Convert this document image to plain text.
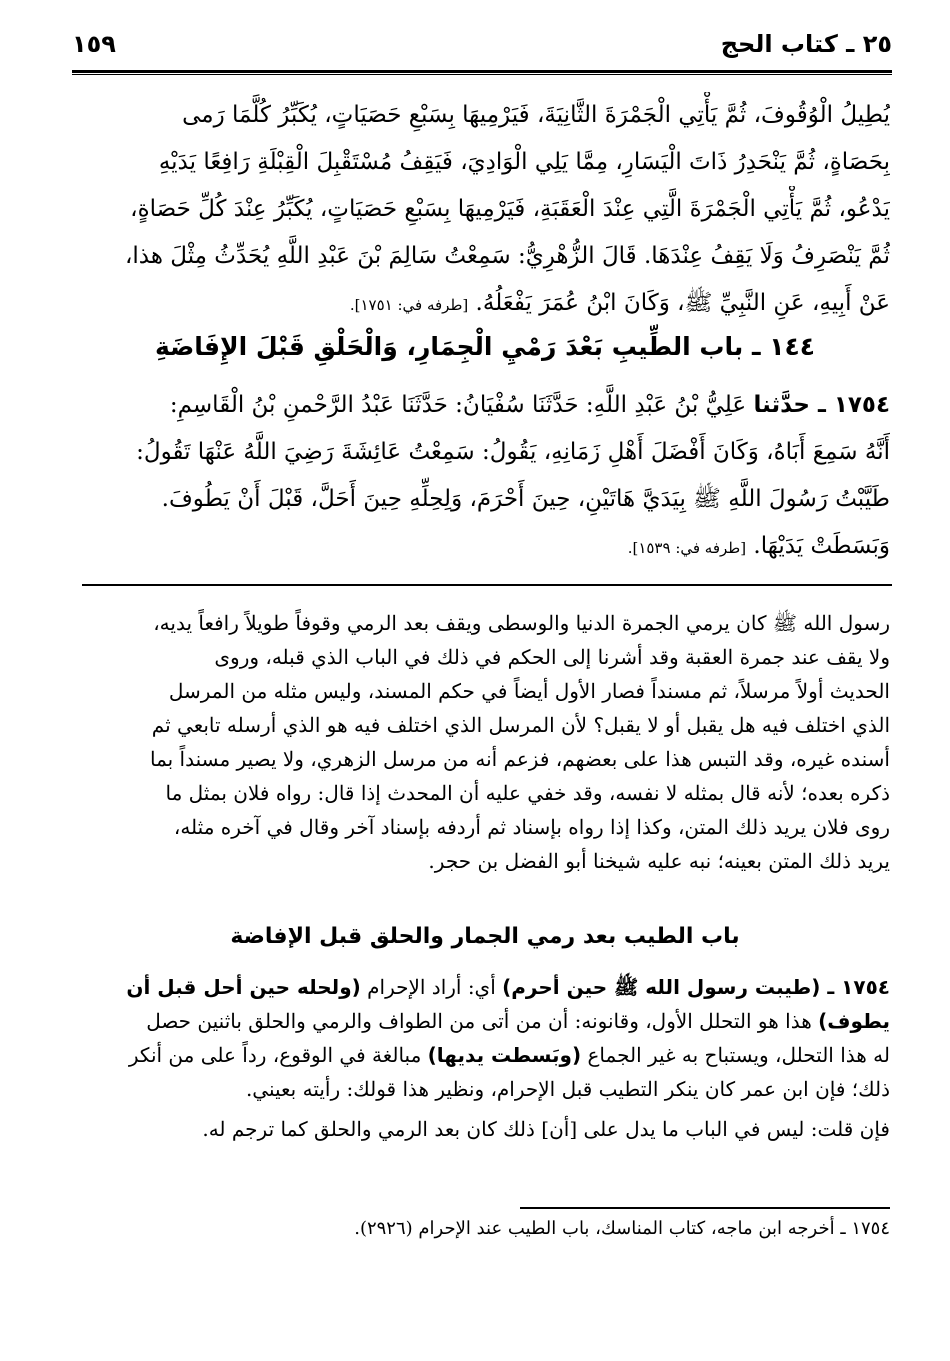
٢٥ ـ كتاب الحج
١٥٩
يُطِيلُ الْوُقُوفَ، ثُمَّ يَأْتِي الْجَمْرَةَ الثَّانِيَةَ، فَيَرْمِيهَا بِسَبْعِ حَصَيَاتٍ، يُكَبِّرُ كُلَّمَا رَمى
بِحَصَاةٍ، ثُمَّ يَنْحَدِرُ ذَاتَ الْيَسَارِ، مِمَّا يَلِي الْوَادِيَ، فَيَقِفُ مُسْتَقْبِلَ الْقِبْلَةِ رَافِعًا يَدَيْهِ
يَدْعُو، ثُمَّ يَأْتِي الْجَمْرَةَ الَّتِي عِنْدَ الْعَقَبَةِ، فَيَرْمِيهَا بِسَبْعِ حَصَيَاتٍ، يُكَبِّرُ عِنْدَ كُلِّ حَصَاةٍ،
ثُمَّ يَنْصَرِفُ وَلَا يَقِفُ عِنْدَهَا. قَالَ الزُّهْرِيُّ: سَمِعْتُ سَالِمَ بْنَ عَبْدِ اللَّهِ يُحَدِّثُ مِثْلَ هذا،
عَنْ أَبِيهِ، عَنِ النَّبِيِّ ﷺ، وَكَانَ ابْنُ عُمَرَ يَفْعَلُهُ. [طرفه في: ١٧٥١].
١٤٤ ـ باب الطِّيبِ بَعْدَ رَمْيِ الْجِمَارِ، وَالْحَلْقِ قَبْلَ الإِفَاضَةِ
١٧٥٤ ـ حدَّثنا عَلِيُّ بْنُ عَبْدِ اللَّهِ: حَدَّثَنَا سُفْيَانُ: حَدَّثَنَا عَبْدُ الرَّحْمنِ بْنُ الْقَاسِمِ:
أَنَّهُ سَمِعَ أَبَاهُ، وَكَانَ أَفْضَلَ أَهْلِ زَمَانِهِ، يَقُولُ: سَمِعْتُ عَائِشَةَ رَضِيَ اللَّهُ عَنْهَا تَقُولُ:
طَيَّبْتُ رَسُولَ اللَّهِ ﷺ بِيَدَيَّ هَاتَيْنِ، حِينَ أَحْرَمَ، وَلِحِلِّهِ حِينَ أَحَلَّ، قَبْلَ أَنْ يَطُوفَ.
وَبَسَطَتْ يَدَيْهَا. [طرفه في: ١٥٣٩].
رسول الله ﷺ كان يرمي الجمرة الدنيا والوسطى ويقف بعد الرمي وقوفاً طويلاً رافعاً يديه،
ولا يقف عند جمرة العقبة وقد أشرنا إلى الحكم في ذلك في الباب الذي قبله، وروى
الحديث أولاً مرسلاً، ثم مسنداً فصار الأول أيضاً في حكم المسند، وليس مثله من المرسل
الذي اختلف فيه هل يقبل أو لا يقبل؟ لأن المرسل الذي اختلف فيه هو الذي أرسله تابعي ثم
أسنده غيره، وقد التبس هذا على بعضهم، فزعم أنه من مرسل الزهري، ولا يصير مسنداً بما
ذكره بعده؛ لأنه قال بمثله لا نفسه، وقد خفي عليه أن المحدث إذا قال: رواه فلان بمثل ما
روى فلان يريد ذلك المتن، وكذا إذا رواه بإسناد ثم أردفه بإسناد آخر وقال في آخره مثله،
يريد ذلك المتن بعينه؛ نبه عليه شيخنا أبو الفضل بن حجر.
باب الطيب بعد رمي الجمار والحلق قبل الإفاضة
١٧٥٤ ـ (طيبت رسول الله ﷺ حين أحرم) أي: أراد الإحرام (ولحله حين أحل قبل أن
يطوف) هذا هو التحلل الأول، وقانونه: أن من أتى من الطواف والرمي والحلق باثنين حصل
له هذا التحلل، ويستباح به غير الجماع (وبَسطت يديها) مبالغة في الوقوع، رداً على من أنكر
ذلك؛ فإن ابن عمر كان ينكر التطيب قبل الإحرام، ونظير هذا قولك: رأيته بعيني.
فإن قلت: ليس في الباب ما يدل على [أن] ذلك كان بعد الرمي والحلق كما ترجم له.
١٧٥٤ ـ أخرجه ابن ماجه، كتاب المناسك، باب الطيب عند الإحرام (٢٩٢٦).
